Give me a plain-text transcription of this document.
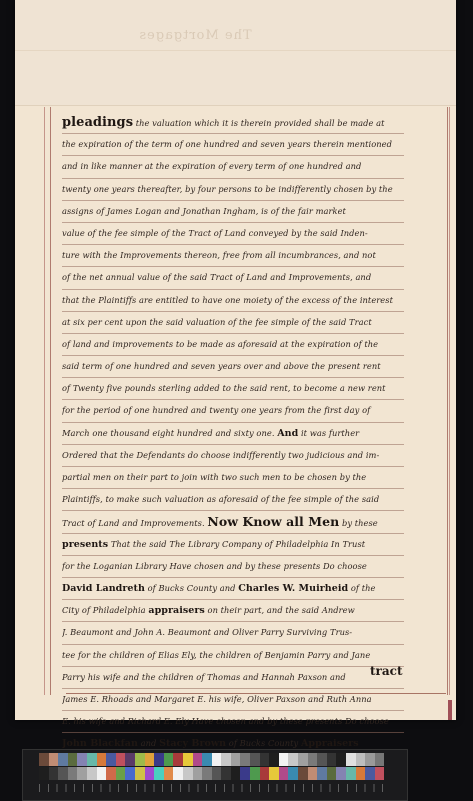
The Mortgages
pleadings the valuation which it is therein provided shall be made at
the expiration of the term of one hundred and seven years therein mentioned
and in like manner at the expiration of every term of one hundred and
twenty one years thereafter, by four persons to be indifferently chosen by the
assigns of James Logan and Jonathan Ingham, is of the fair market
value of the fee simple of the Tract of Land conveyed by the said Inden-
ture with the Improvements thereon, free from all incumbrances, and not
of the net annual value of the said Tract of Land and Improvements, and
that the Plaintiffs are entitled to have one moiety of the excess of the interest
at six per cent upon the said valuation of the fee simple of the said Tract
of land and improvements to be made as aforesaid at the expiration of the
said term of one hundred and seven years over and above the present rent
of Twenty five pounds sterling added to the said rent, to become a new rent
for the period of one hundred and twenty one years from the first day of
March one thousand eight hundred and sixty one. And it was further
Ordered that the Defendants do choose indifferently two judicious and im-
partial men on their part to join with two such men to be chosen by the
Plaintiffs, to make such valuation as aforesaid of the fee simple of the said
Tract of Land and Improvements. Now Know all Men by these
presents That the said The Library Company of Philadelphia In Trust
for the Loganian Library Have chosen and by these presents Do choose
David Landreth of Bucks County and Charles W. Muirheid of the
City of Philadelphia appraisers on their part, and the said Andrew
J. Beaumont and John A. Beaumont and Oliver Parry Surviving Trus-
tee for the children of Elias Ely, the children of Benjamin Parry and Jane
Parry his wife and the children of Thomas and Hannah Paxson and
James E. Rhoads and Margaret E. his wife, Oliver Paxson and Ruth Anna
E. his wife and Richard E. Ely Have chosen and by these presents Do choose
John Blackfan and Stacy Brown of Bucks County Appraisers
tract
